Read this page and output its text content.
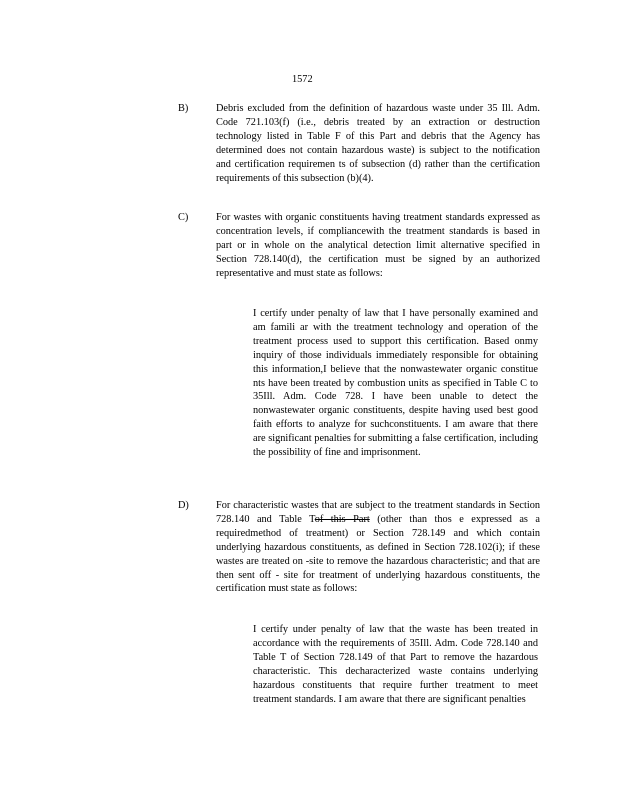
1572
B)	Debris excluded from the definition of hazardous waste under 35 Ill. Adm. Code 721.103(f) (i.e., debris treated by an extraction or destruction technology listed in Table F of this Part and debris that the Agency has determined does not contain hazardous waste) is subject to the notification and certification requiremen ts of subsection (d) rather than the certification requirements of this subsection (b)(4).
C)	For wastes with organic constituents having treatment standards expressed as concentration levels, if compliancewith the treatment standards is based in part or in whole on the analytical detection limit alternative specified in Section 728.140(d), the certification must be signed by an authorized representative and must state as follows:
I certify under penalty of law that I have personally examined and am famili ar with the treatment technology and operation of the treatment process used to support this certification. Based onmy inquiry of those individuals immediately responsible for obtaining this information,I believe that the nonwastewater organic constitue nts have been treated by combustion units as specified in Table C to 35Ill. Adm. Code 728. I have been unable to detect the nonwastewater organic constituents, despite having used best good faith efforts to analyze for suchconstituents. I am aware that there are significant penalties for submitting a false certification, including the possibility of fine and imprisonment.
D)	For characteristic wastes that are subject to the treatment standards in Section 728.140 and Table Tof this Part (other than thos e expressed as a requiredmethod of treatment) or Section 728.149 and which contain underlying hazardous constituents, as defined in Section 728.102(i); if these wastes are treated on -site to remove the hazardous characteristic; and that are then sent off - site for treatment of underlying hazardous constituents, the certification must state as follows:
I certify under penalty of law that the waste has been treated in accordance with the requirements of 35Ill. Adm. Code 728.140 and Table T of Section 728.149 of that Part to remove the hazardous characteristic. This decharacterized waste contains underlying hazardous constituents that require further treatment to meet treatment standards. I am aware that there are significant penalties
